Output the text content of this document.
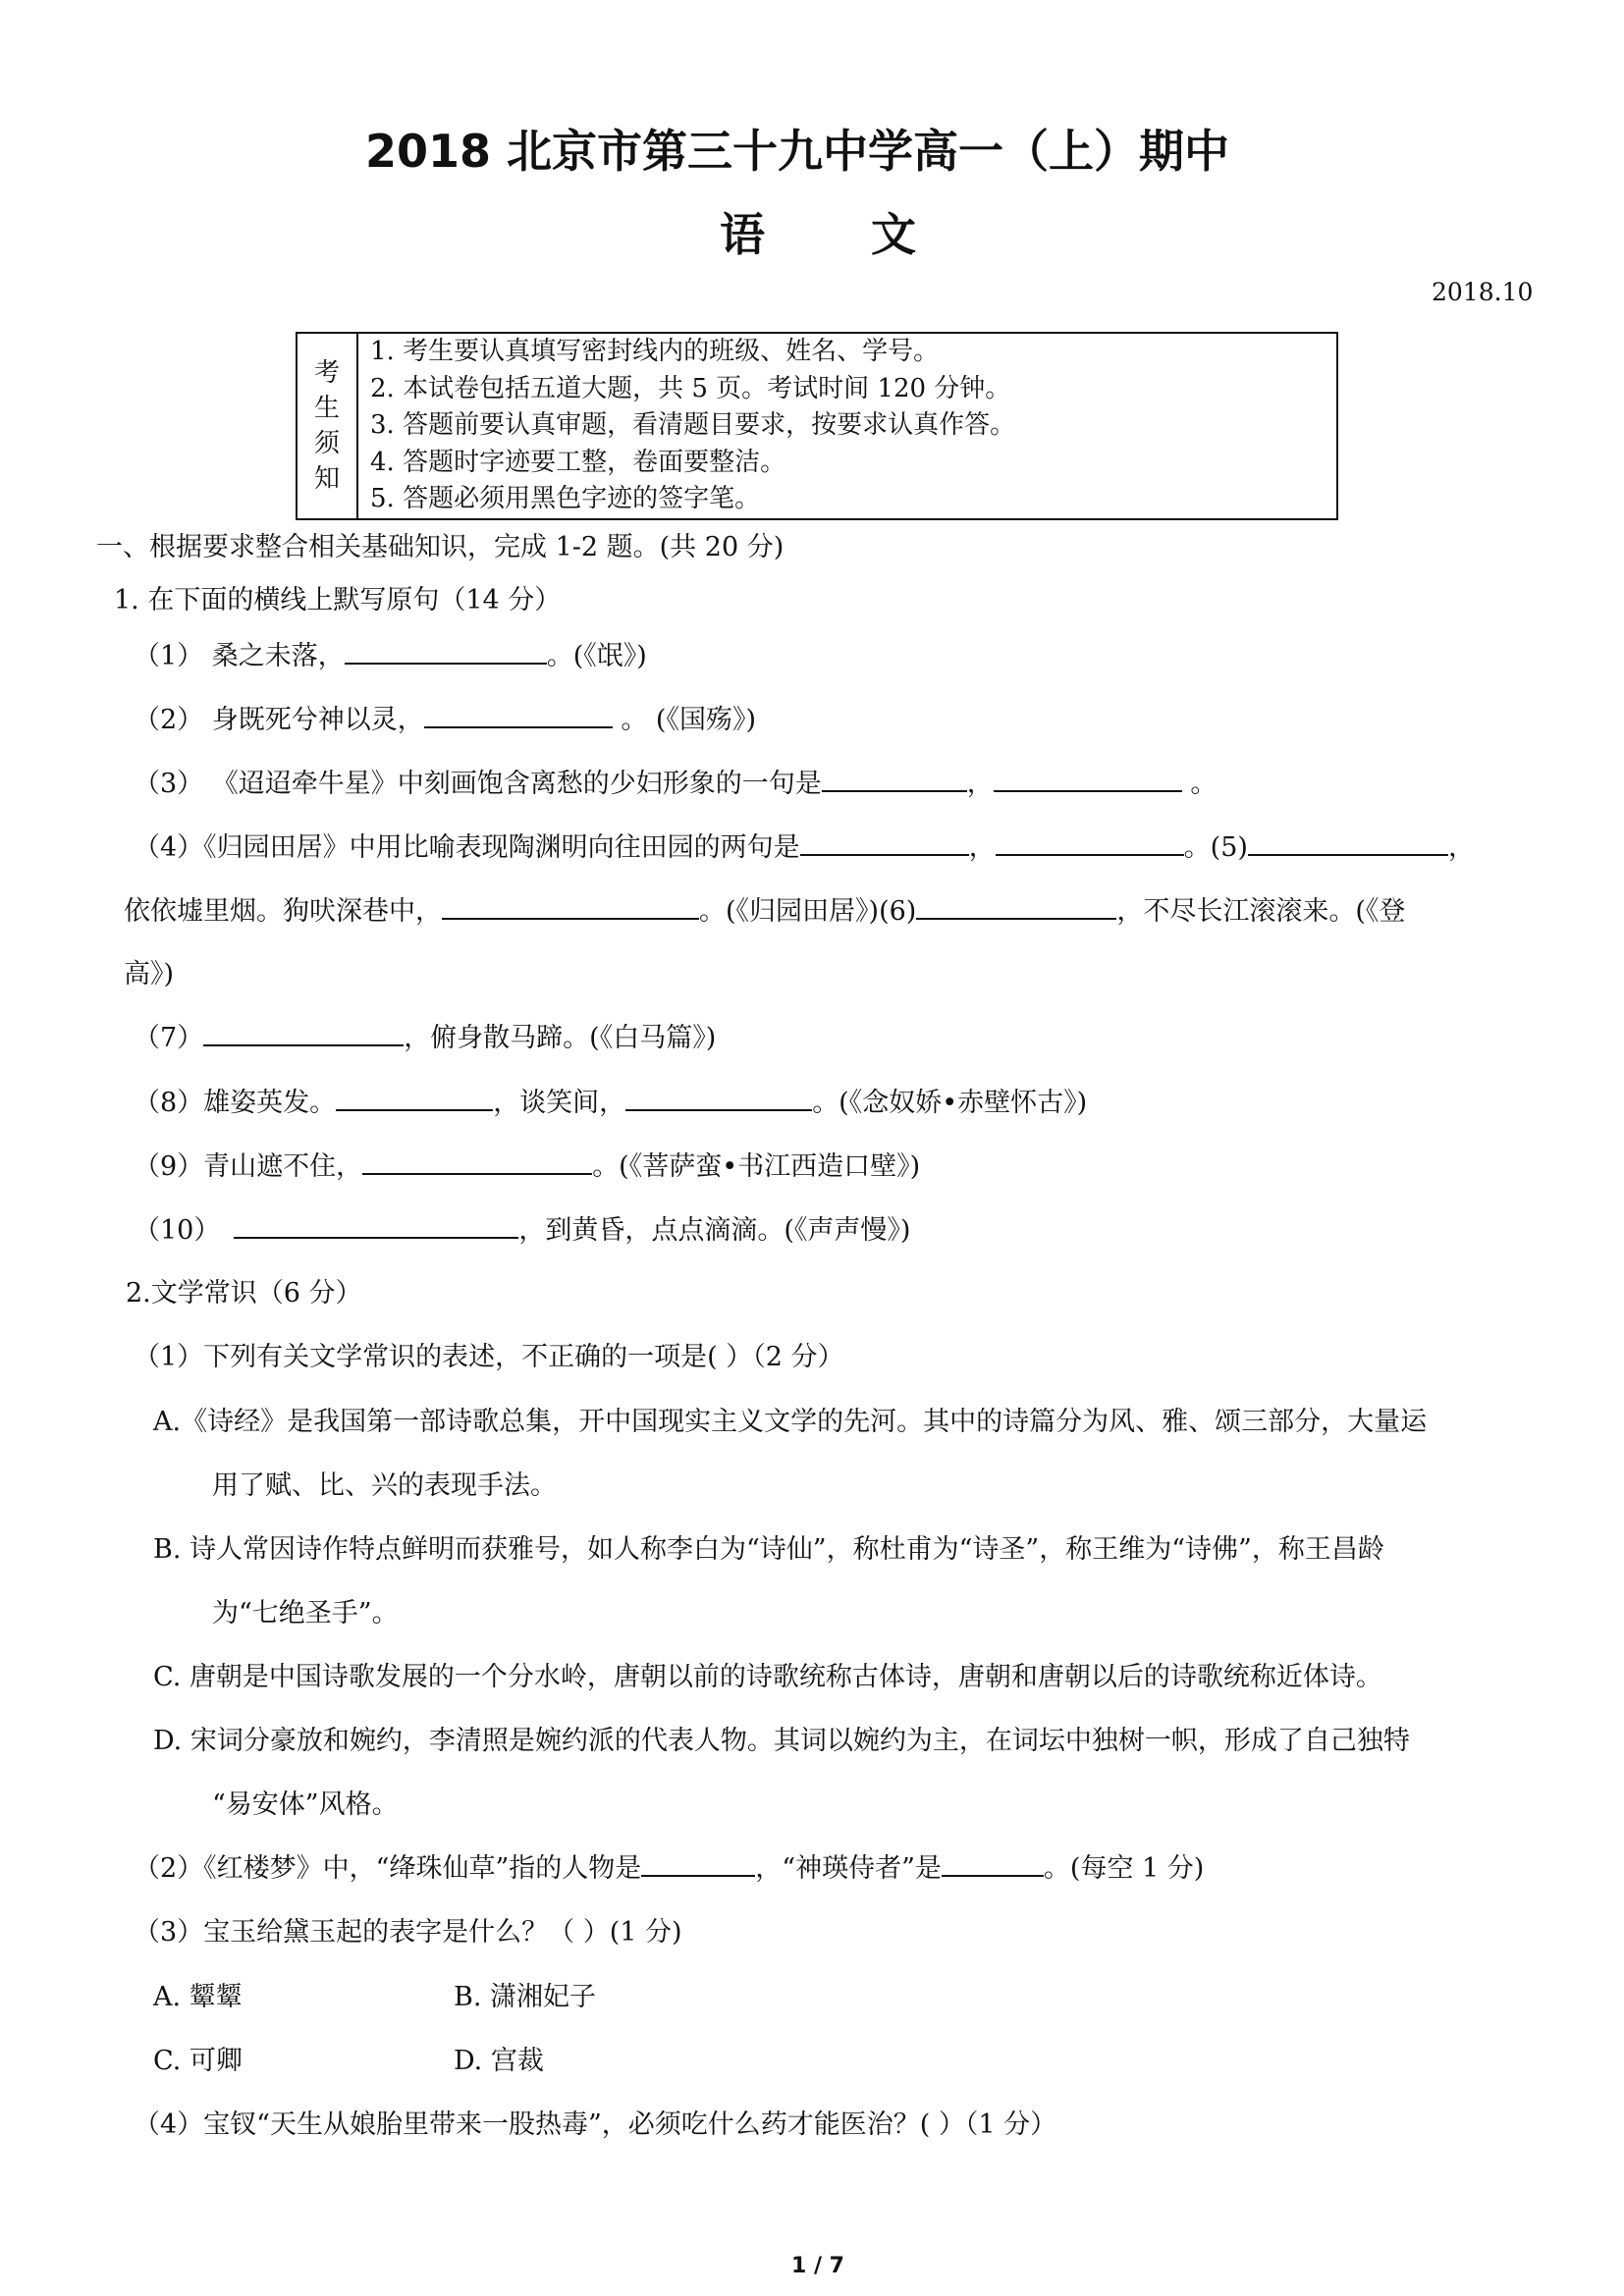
2018 北京市第三十九中学高一（上）期中
语 文
2018.10
考
生
须
知

1. 考生要认真填写密封线内的班级、姓名、学号。
2. 本试卷包括五道大题，共 5 页。考试时间 120 分钟。
3. 答题前要认真审题，看清题目要求，按要求认真作答。
4. 答题时字迹要工整，卷面要整洁。
5. 答题必须用黑色字迹的签字笔。
一、根据要求整合相关基础知识，完成 1-2 题。(共 20 分)
1. 在下面的横线上默写原句（14 分）
（1） 桑之未落，	。(《氓》)
（2） 身既死兮神以灵，	。 (《国殇》)
（3） 《迢迢牵牛星》中刻画饱含离愁的少妇形象的一句是	，	。
（4）《归园田居》中用比喻表现陶渊明向往田园的两句是	，	。(5)	，
依依墟里烟。狗吠深巷中，	。(《归园田居》)(6)	，不尽长江滚滚来。(《登
高》)
（7）	，俯身散马蹄。(《白马篇》)
（8）雄姿英发。	，谈笑间，	。(《念奴娇•赤壁怀古》)
（9）青山遮不住，	。(《菩萨蛮•书江西造口壁》)
（10）	，到黄昏，点点滴滴。(《声声慢》)
2.文学常识（6 分）
（1）下列有关文学常识的表述，不正确的一项是( ）（2 分）
A.《诗经》是我国第一部诗歌总集，开中国现实主义文学的先河。其中的诗篇分为风、雅、颂三部分，大量运
用了赋、比、兴的表现手法。
B. 诗人常因诗作特点鲜明而获雅号，如人称李白为“诗仙”，称杜甫为“诗圣”，称王维为“诗佛”，称王昌龄
为“七绝圣手”。
C. 唐朝是中国诗歌发展的一个分水岭，唐朝以前的诗歌统称古体诗，唐朝和唐朝以后的诗歌统称近体诗。
D. 宋词分豪放和婉约，李清照是婉约派的代表人物。其词以婉约为主，在词坛中独树一帜，形成了自己独特
“易安体”风格。
（2）《红楼梦》中，“绛珠仙草”指的人物是	，“神瑛侍者”是	。(每空 1 分)
（3）宝玉给黛玉起的表字是什么？（ ）(1 分)
A. 颦颦	B. 潇湘妃子
C. 可卿	D. 宫裁
（4）宝钗“天生从娘胎里带来一股热毒”，必须吃什么药才能医治？( ）（1 分）
1 / 7
